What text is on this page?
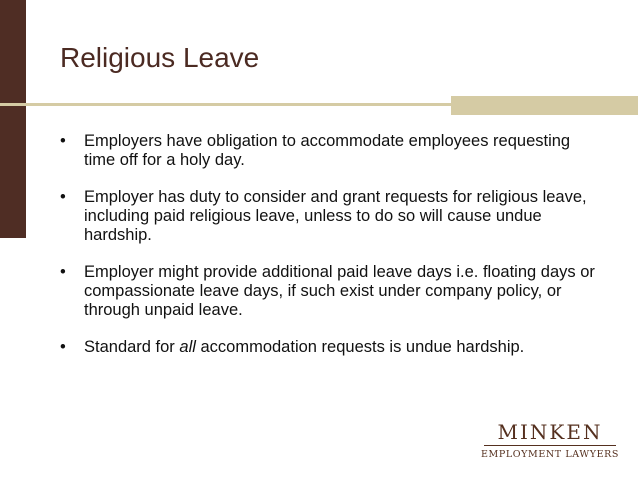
Religious Leave
• Employers have obligation to accommodate employees requesting time off for a holy day.
• Employer has duty to consider and grant requests for religious leave, including paid religious leave, unless to do so will cause undue hardship.
• Employer might provide additional paid leave days i.e. floating days or compassionate leave days, if such exist under company policy, or through unpaid leave.
• Standard for all accommodation requests is undue hardship.
MINKEN
EMPLOYMENT LAWYERS
